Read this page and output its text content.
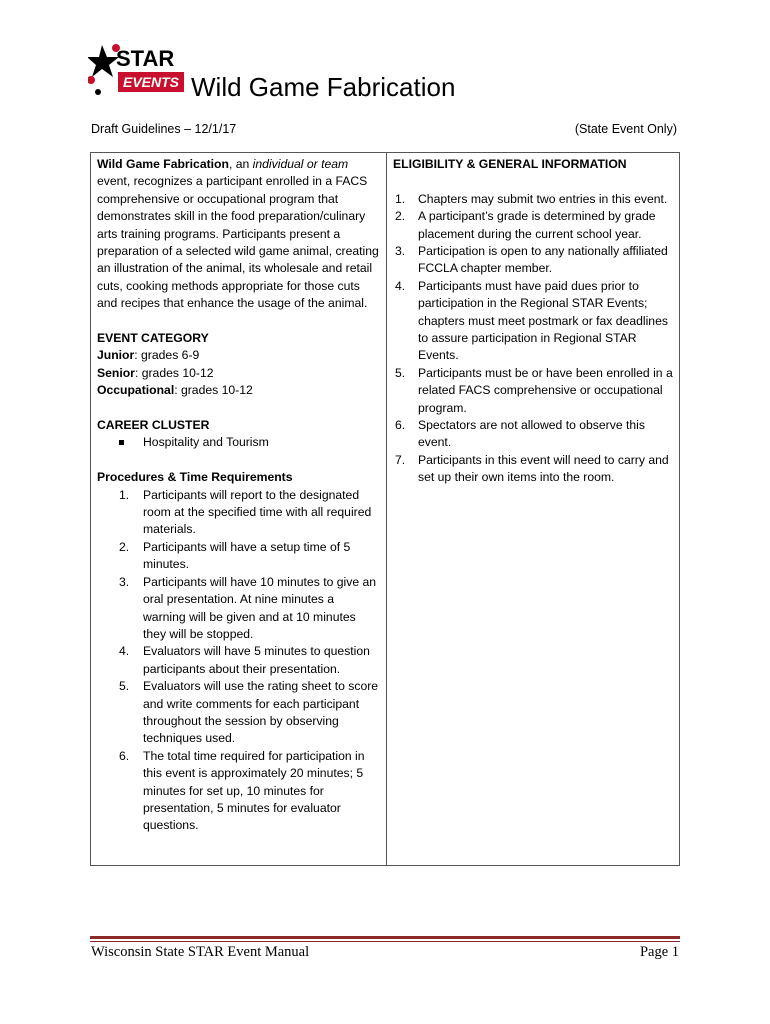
STAR
EVENTS Wild Game Fabrication
Draft Guidelines – 12/1/17	(State Event Only)

Wild Game Fabrication, an individual or team event, recognizes a participant enrolled in a FACS comprehensive or occupational program that demonstrates skill in the food preparation/culinary arts training programs. Participants present a preparation of a selected wild game animal, creating an illustration of the animal, its wholesale and retail cuts, cooking methods appropriate for those cuts and recipes that enhance the usage of the animal.

EVENT CATEGORY

Junior: grades 6-9

Senior: grades 10-12

Occupational: grades 10-12

CAREER CLUSTER

Hospitality and Tourism

Procedures & Time Requirements

1. Participants will report to the designated room at the specified time with all required materials.
2. Participants will have a setup time of 5 minutes.
3. Participants will have 10 minutes to give an oral presentation. At nine minutes a warning will be given and at 10 minutes they will be stopped.
4. Evaluators will have 5 minutes to question participants about their presentation.
5. Evaluators will use the rating sheet to score and write comments for each participant throughout the session by observing techniques used.
6. The total time required for participation in this event is approximately 20 minutes; 5 minutes for set up, 10 minutes for presentation, 5 minutes for evaluator questions.

ELIGIBILITY & GENERAL INFORMATION

1. Chapters may submit two entries in this event.
2. A participant’s grade is determined by grade placement during the current school year.
3. Participation is open to any nationally affiliated FCCLA chapter member.
4. Participants must have paid dues prior to participation in the Regional STAR Events; chapters must meet postmark or fax deadlines to assure participation in Regional STAR Events.
5. Participants must be or have been enrolled in a related FACS comprehensive or occupational program.
6. Spectators are not allowed to observe this event.
7. Participants in this event will need to carry and set up their own items into the room.
Wisconsin State STAR Event Manual	Page 1
